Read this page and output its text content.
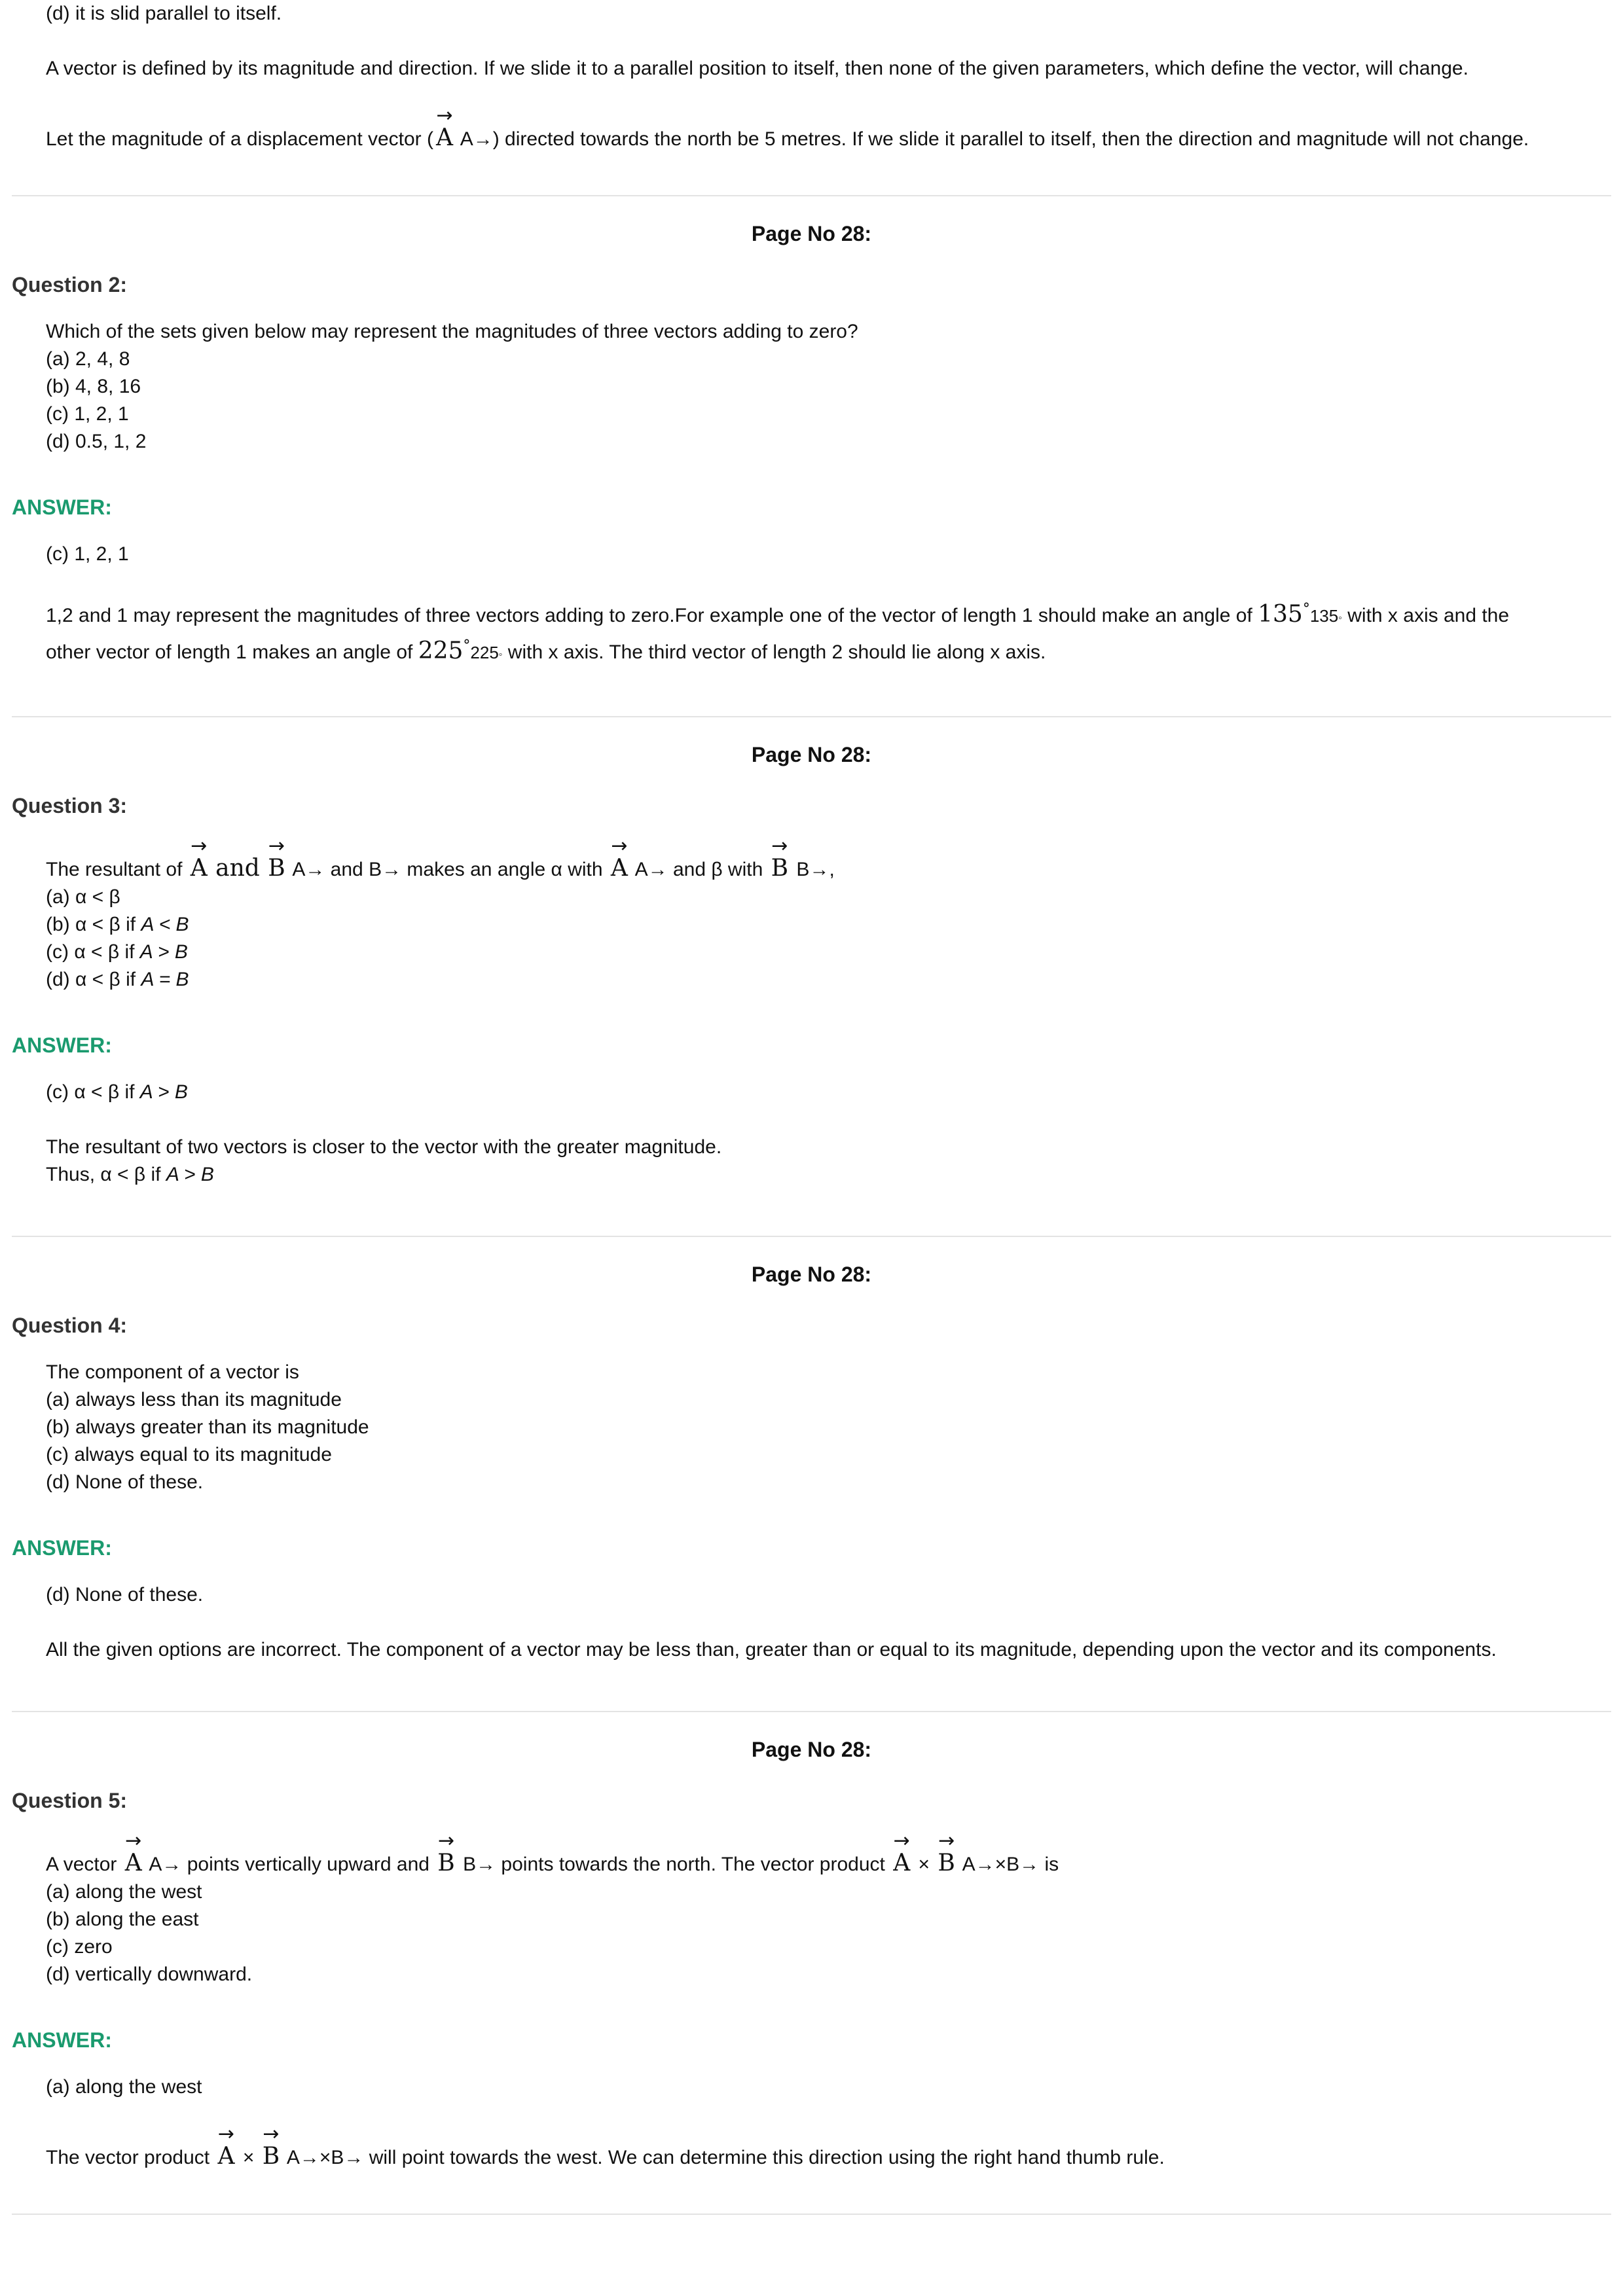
(d) it is slid parallel to itself.

A vector is defined by its magnitude and direction. If we slide it to a parallel position to itself, then none of the given parameters, which define the vector, will change.

Let the magnitude of a displacement vector ( → A A→) directed towards the north be 5 metres. If we slide it parallel to itself, then the direction and magnitude will not change.

Page No 28:
Question 2:

Which of the sets given below may represent the magnitudes of three vectors adding to zero?

(a) 2, 4, 8

(b) 4, 8, 16

(c) 1, 2, 1

(d) 0.5, 1, 2

ANSWER:

(c) 1, 2, 1

1,2 and 1 may represent the magnitudes of three vectors adding to zero.For example one of the vector of length 1 should make an angle of 135°135◦ with x axis and the

other vector of length 1 makes an angle of 225°225◦ with x axis. The third vector of length 2 should lie along x axis.

Page No 28:
Question 3:

The resultant of → A and → B A→ and B→ makes an angle α with → A A→ and β with → B B→,

(a) α < β

(b) α < β if A < B

(c) α < β if A > B

(d) α < β if A = B

ANSWER:

(c) α < β if A > B

The resultant of two vectors is closer to the vector with the greater magnitude.

Thus, α < β if A > B

Page No 28:
Question 4:

The component of a vector is

(a) always less than its magnitude

(b) always greater than its magnitude

(c) always equal to its magnitude

(d) None of these.

ANSWER:

(d) None of these.

All the given options are incorrect. The component of a vector may be less than, greater than or equal to its magnitude, depending upon the vector and its components.

Page No 28:
Question 5:

A vector → A A→ points vertically upward and → B B→ points towards the north. The vector product → A × → B A→×B→ is

(a) along the west

(b) along the east

(c) zero

(d) vertically downward.

ANSWER:

(a) along the west

The vector product → A × → B A→×B→ will point towards the west. We can determine this direction using the right hand thumb rule.
